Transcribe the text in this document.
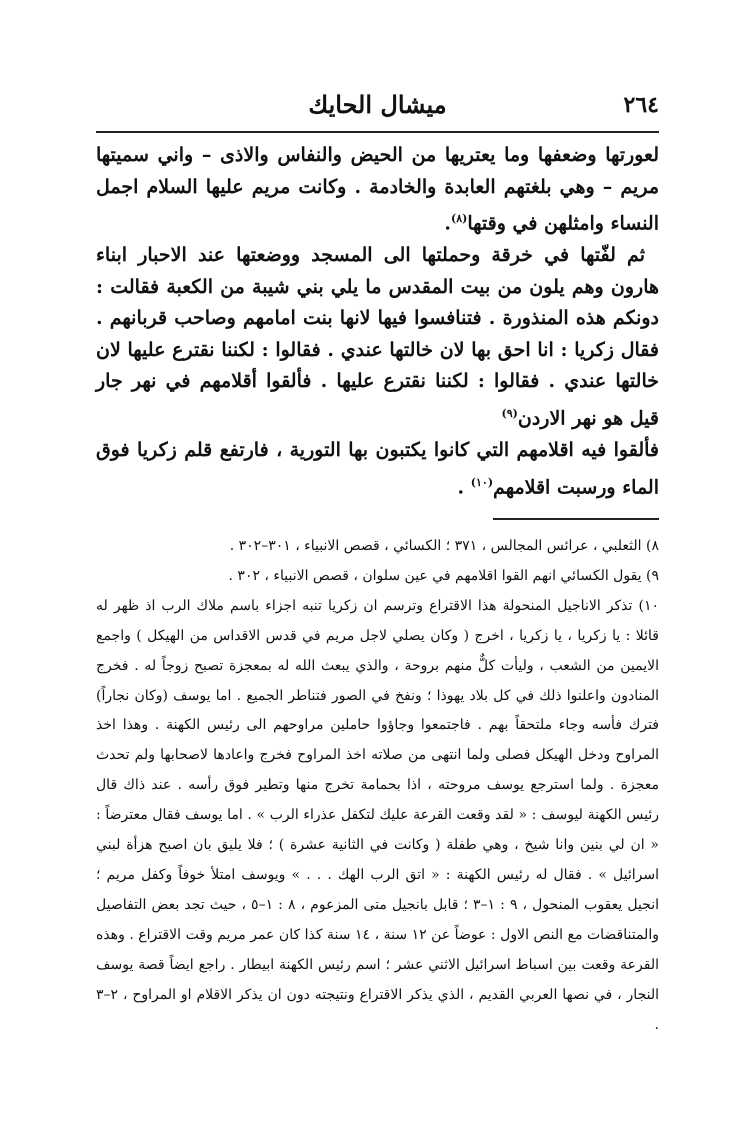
٢٦٤
ميشال الحايك

لعورتها وضعفها وما يعتريها من الحيض والنفاس والاذى – واني سميتها مريم – وهي بلغتهم العابدة والخادمة . وكانت مريم عليها السلام اجمل النساء وامثلهن في وقتها$^{(٨)}$.

ثم لفّتها في خرقة وحملتها الى المسجد ووضعتها عند الاحبار ابناء هارون وهم يلون من بيت المقدس ما يلي بني شيبة من الكعبة فقالت : دونكم هذه المنذورة . فتنافسوا فيها لانها بنت امامهم وصاحب قربانهم . فقال زكريا : انا احق بها لان خالتها عندي . فقالوا : لكننا نقترع عليها لان خالتها عندي . فقالوا : لكننا نقترع عليها . فألقوا أقلامهم في نهر جار قيل هو نهر الاردن$^{(٩)}$

فألقوا فيه اقلامهم التي كانوا يكتبون بها التورية ، فارتفع قلم زكريا فوق الماء ورسبت اقلامهم$^{(١٠)}$ .

٨) الثعلبي ، عرائس المجالس ، ٣٧١ ؛ الكسائي ، قصص الانبياء ، ٣٠١–٣٠٢ .

٩) يقول الكسائي انهم القوا اقلامهم في عين سلوان ، قصص الانبياء ، ٣٠٢ .

١٠) تذكر الاناجيل المنحولة هذا الاقتراع وترسم ان زكريا تنبه اجزاء باسم ملاك الرب اذ ظهر له قائلا : يا زكريا ، يا زكريا ، اخرج ( وكان يصلي لاجل مريم في قدس الاقداس من الهيكل ) واجمع الايمين من الشعب ، وليأت كلٌّ منهم بروحة ، والذي يبعث الله له بمعجزة تصبح زوجاً له . فخرج المنادون واعلنوا ذلك في كل بلاد يهوذا ؛ ونفخ في الصور فتناطر الجميع . اما يوسف (وكان نجاراً) فترك فأسه وجاء ملتحقاً بهم . فاجتمعوا وجاؤوا حاملين مراوحهم الى رئيس الكهنة . وهذا اخذ المراوح ودخل الهيكل فصلى ولما انتهى من صلاته اخذ المراوح فخرج واعادها لاصحابها ولم تحدث معجزة . ولما استرجع يوسف مروحته ، اذا بحمامة تخرج منها وتطير فوق رأسه . عند ذاك قال رئيس الكهنة ليوسف : « لقد وقعت القرعة عليك لتكفل عذراء الرب » . اما يوسف فقال معترضاً : « ان لي بنين وانا شيخ ، وهي طفلة ( وكانت في الثانية عشرة ) ؛ فلا يليق بان اصبح هزأة لبني اسرائيل » . فقال له رئيس الكهنة : « اتق الرب الهك . . . » ويوسف امتلأ خوفاً وكفل مريم ؛ انجيل يعقوب المنحول ، ٩ : ١–٣ ؛ قابل بانجيل متى المزعوم ، ٨ : ١–٥ ، حيث تجد بعض التفاصيل والمتناقضات مع النص الاول : عوضاً عن ١٢ سنة ، ١٤ سنة كذا كان عمر مريم وقت الاقتراع . وهذه القرعة وقعت بين اسباط اسرائيل الاثني عشر ؛ اسم رئيس الكهنة ابيطار . راجع ايضاً قصة يوسف النجار ، في نصها العربي القديم ، الذي يذكر الاقتراع ونتيجته دون ان يذكر الاقلام او المراوح ، ٢–٣ .
